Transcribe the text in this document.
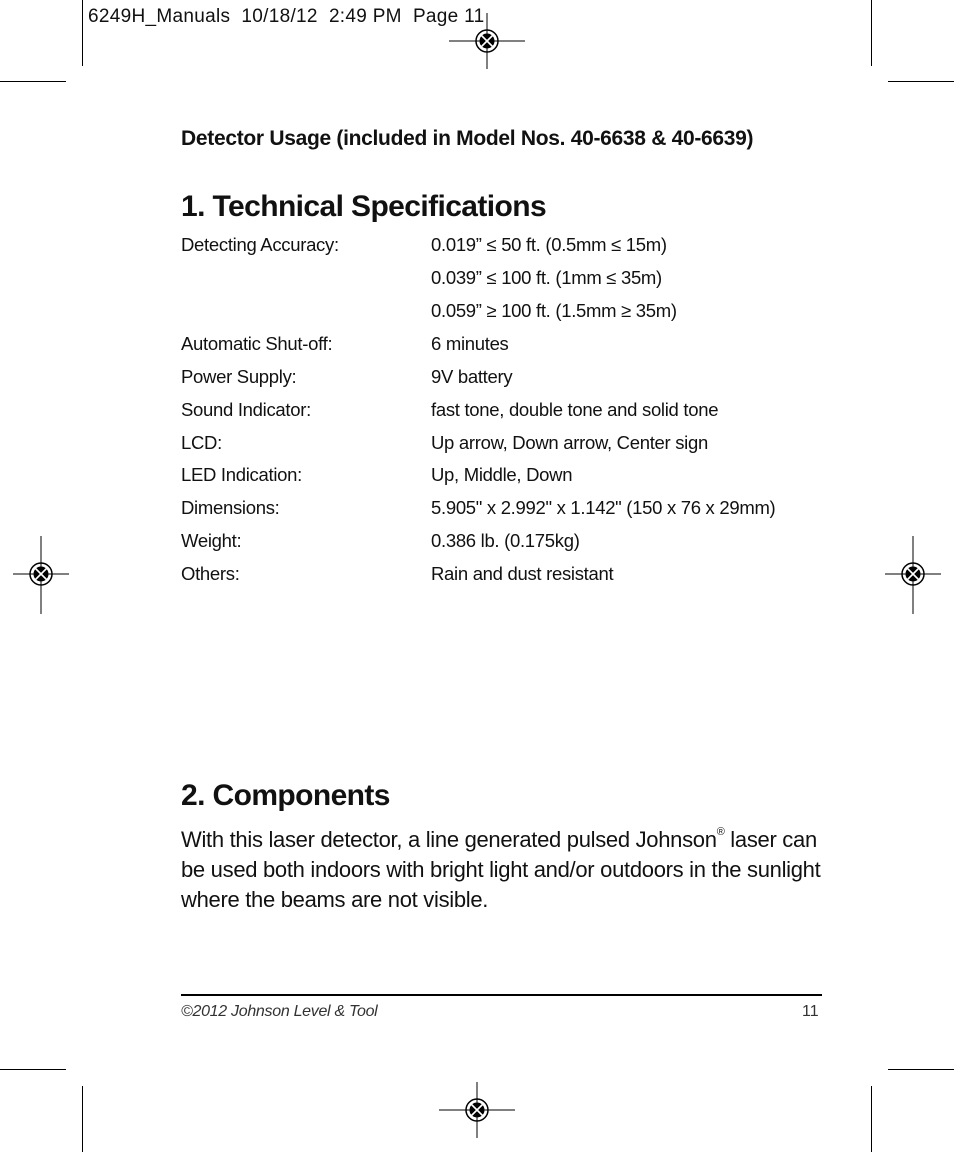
6249H_Manuals  10/18/12  2:49 PM  Page 11
Detector Usage (included in Model Nos. 40-6638 & 40-6639)
1. Technical Specifications
Detecting Accuracy:	0.019” ≤ 50 ft. (0.5mm ≤ 15m)
0.039” ≤ 100 ft. (1mm ≤ 35m)
0.059” ≥ 100 ft. (1.5mm ≥ 35m)
Automatic Shut-off:	6 minutes
Power Supply:	9V battery
Sound Indicator:	fast tone, double tone and solid tone
LCD:	Up arrow, Down arrow, Center sign
LED Indication:	Up, Middle, Down
Dimensions:	5.905" x 2.992" x 1.142" (150 x 76 x 29mm)
Weight:	0.386 lb. (0.175kg)
Others:	Rain and dust resistant
2. Components
With this laser detector, a line generated pulsed Johnson® laser can be used both indoors with bright light and/or outdoors in the sunlight where the beams are not visible.
©2012 Johnson Level & Tool	11
